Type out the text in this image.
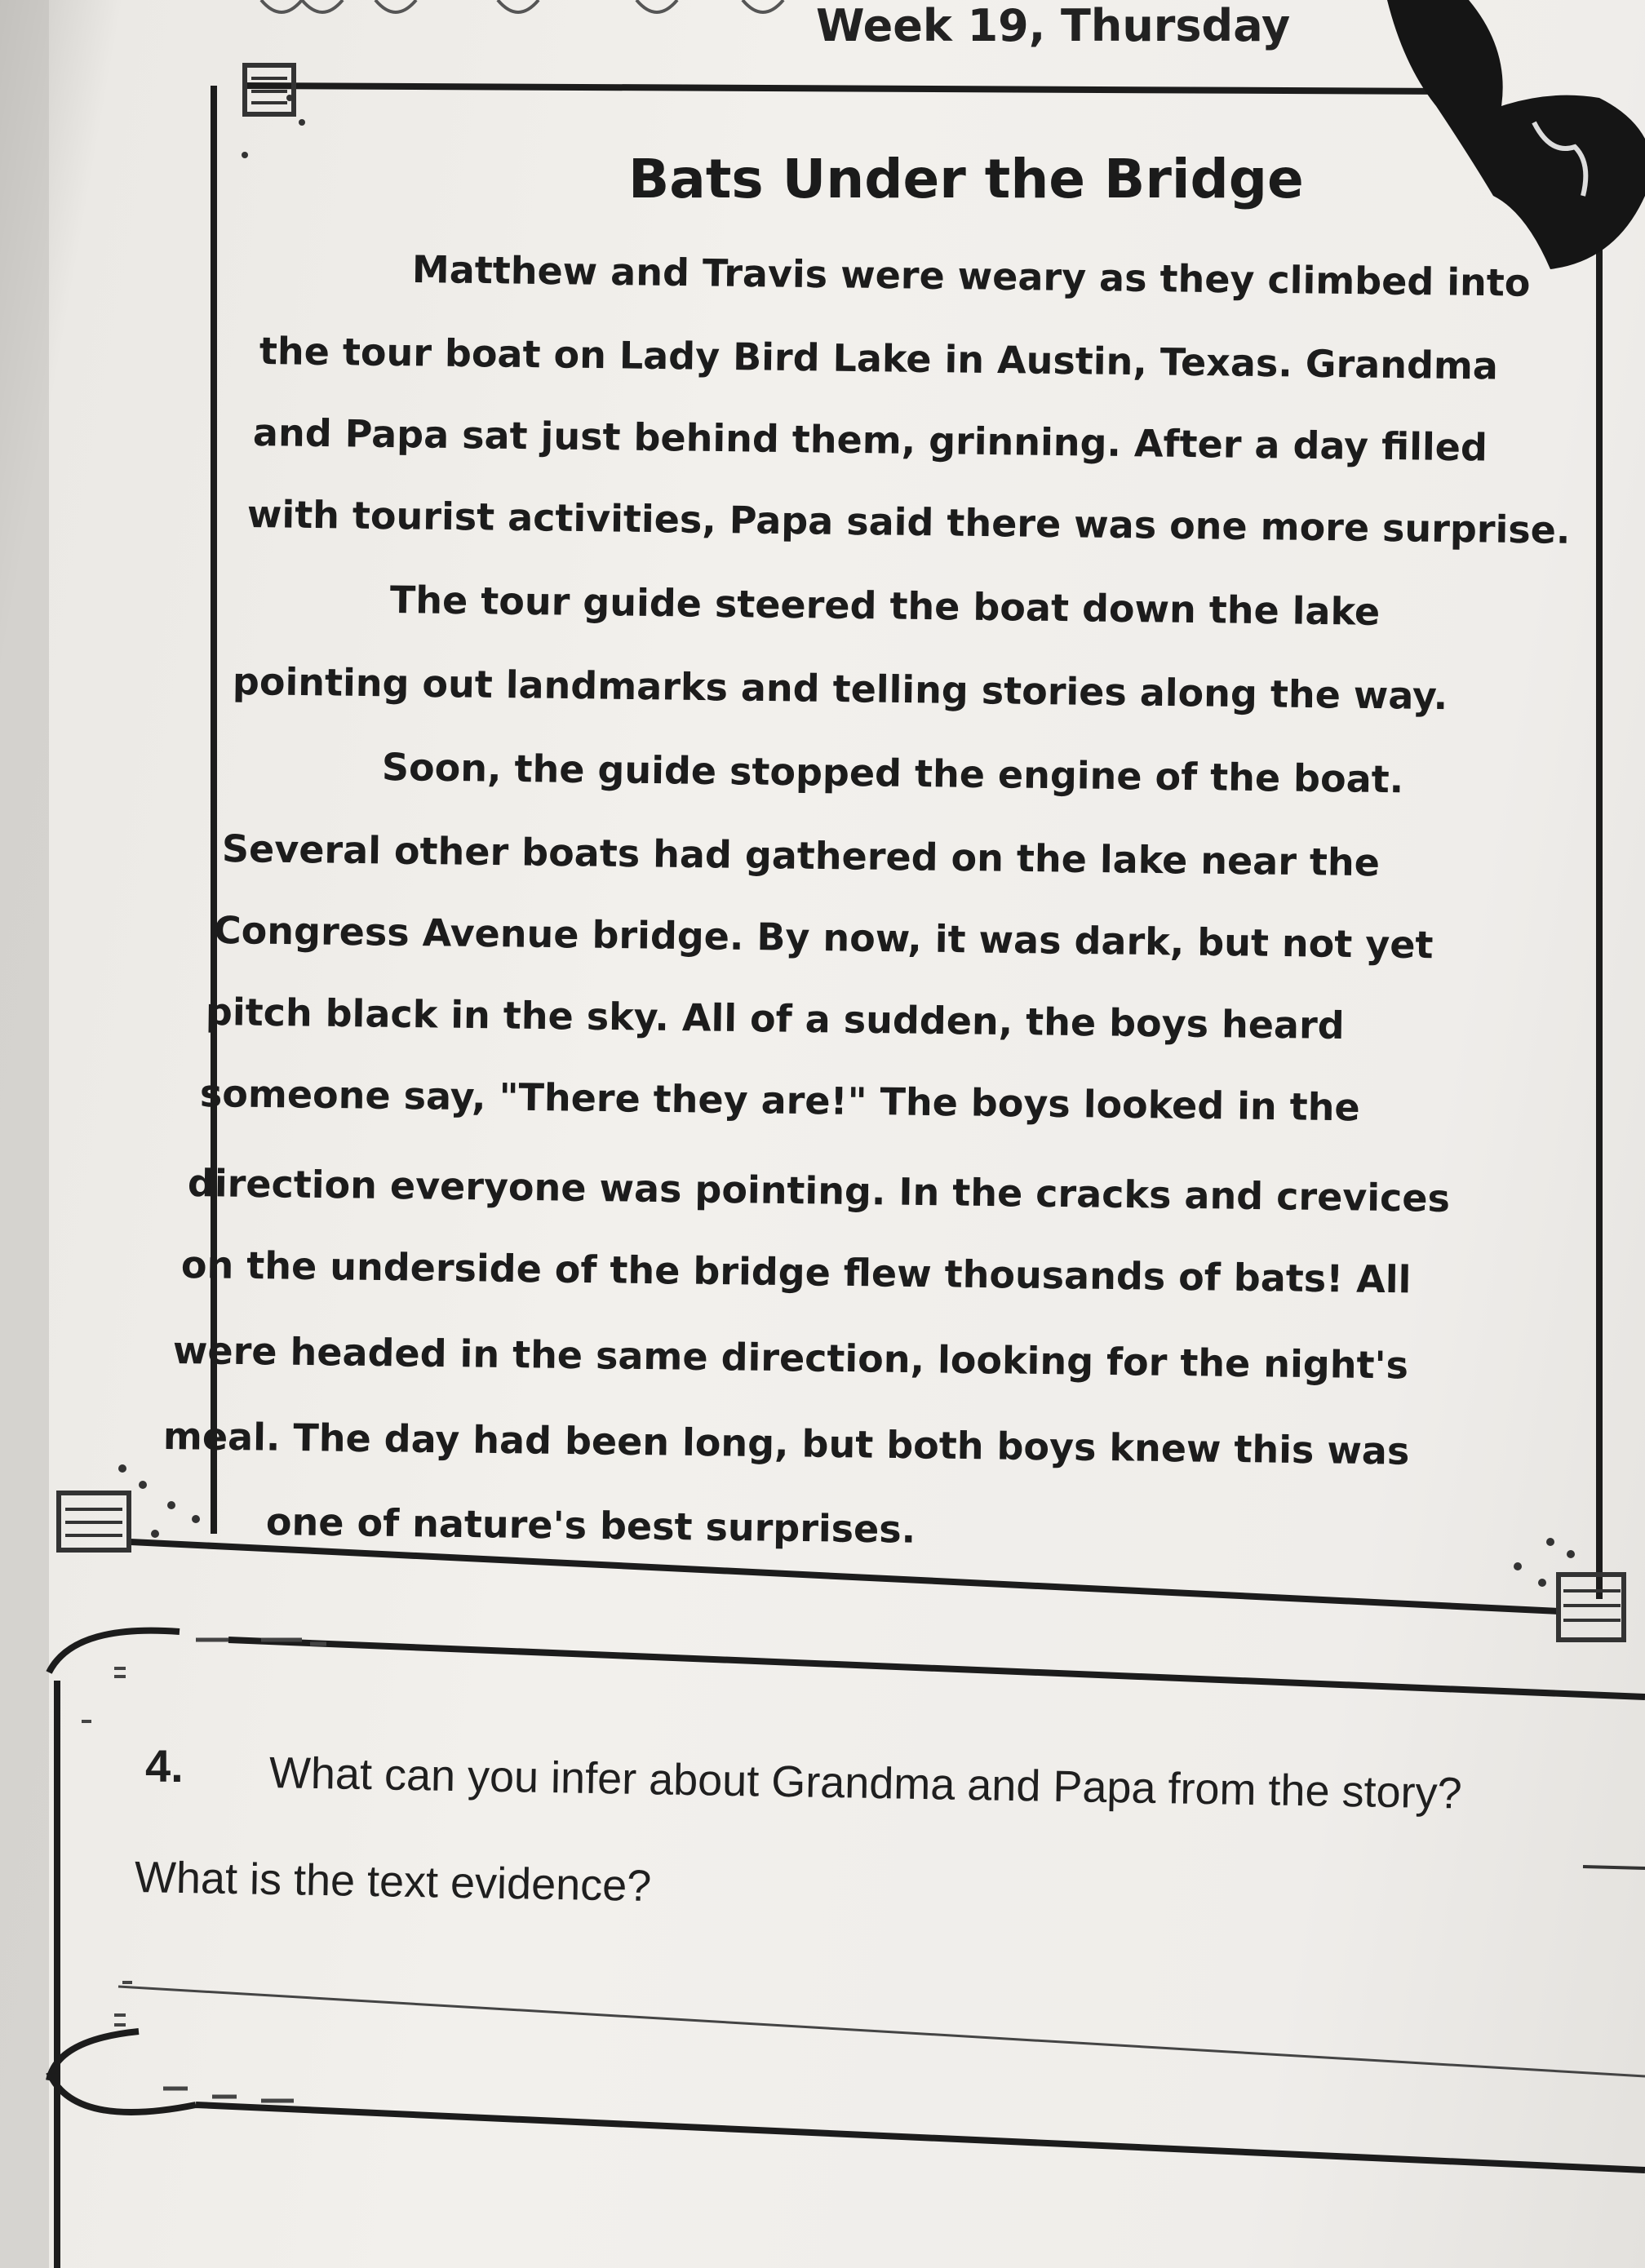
Week 19, Thursday
Bats Under the Bridge
Matthew and Travis were weary as they climbed into
the tour boat on Lady Bird Lake in Austin, Texas. Grandma
and Papa sat just behind them, grinning. After a day filled
with tourist activities, Papa said there was one more surprise.
The tour guide steered the boat down the lake
pointing out landmarks and telling stories along the way.
Soon, the guide stopped the engine of the boat.
Several other boats had gathered on the lake near the
Congress Avenue bridge. By now, it was dark, but not yet
pitch black in the sky. All of a sudden, the boys heard
someone say, "There they are!" The boys looked in the
direction everyone was pointing. In the cracks and crevices
on the underside of the bridge flew thousands of bats! All
were headed in the same direction, looking for the night's
meal. The day had been long, but both boys knew this was
one of nature's best surprises.
4. What can you infer about Grandma and Papa from the story?
What is the text evidence?
